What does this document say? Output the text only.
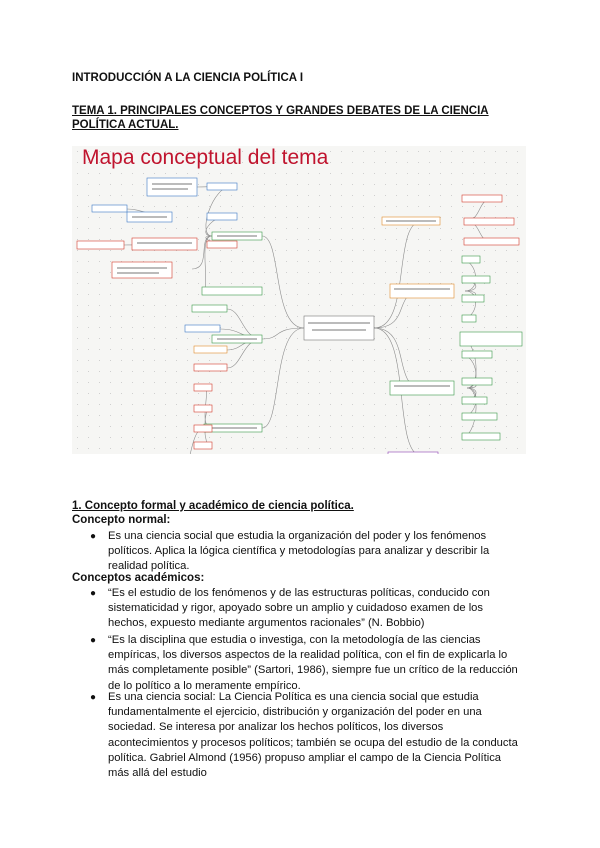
INTRODUCCIÓN A LA CIENCIA POLÍTICA I
TEMA 1. PRINCIPALES CONCEPTOS Y GRANDES DEBATES DE LA CIENCIA POLÍTICA ACTUAL.
Mapa conceptual del tema
1. Concepto formal y académico de ciencia política.
Concepto normal:
● Es una ciencia social que estudia la organización del poder y los fenómenos políticos. Aplica la lógica científica y metodologías para analizar y describir la realidad política.
Conceptos académicos:
● “Es el estudio de los fenómenos y de las estructuras políticas, conducido con sistematicidad y rigor, apoyado sobre un amplio y cuidadoso examen de los hechos, expuesto mediante argumentos racionales” (N. Bobbio)
● “Es la disciplina que estudia o investiga, con la metodología de las ciencias empíricas, los diversos aspectos de la realidad política, con el fin de explicarla lo más completamente posible” (Sartori, 1986), siempre fue un crítico de la reducción de lo político a lo meramente empírico.
● Es una ciencia social: La Ciencia Política es una ciencia social que estudia fundamentalmente el ejercicio, distribución y organización del poder en una sociedad. Se interesa por analizar los hechos políticos, los diversos acontecimientos y procesos políticos; también se ocupa del estudio de la conducta política. Gabriel Almond (1956) propuso ampliar el campo de la Ciencia Política más allá del estudio
